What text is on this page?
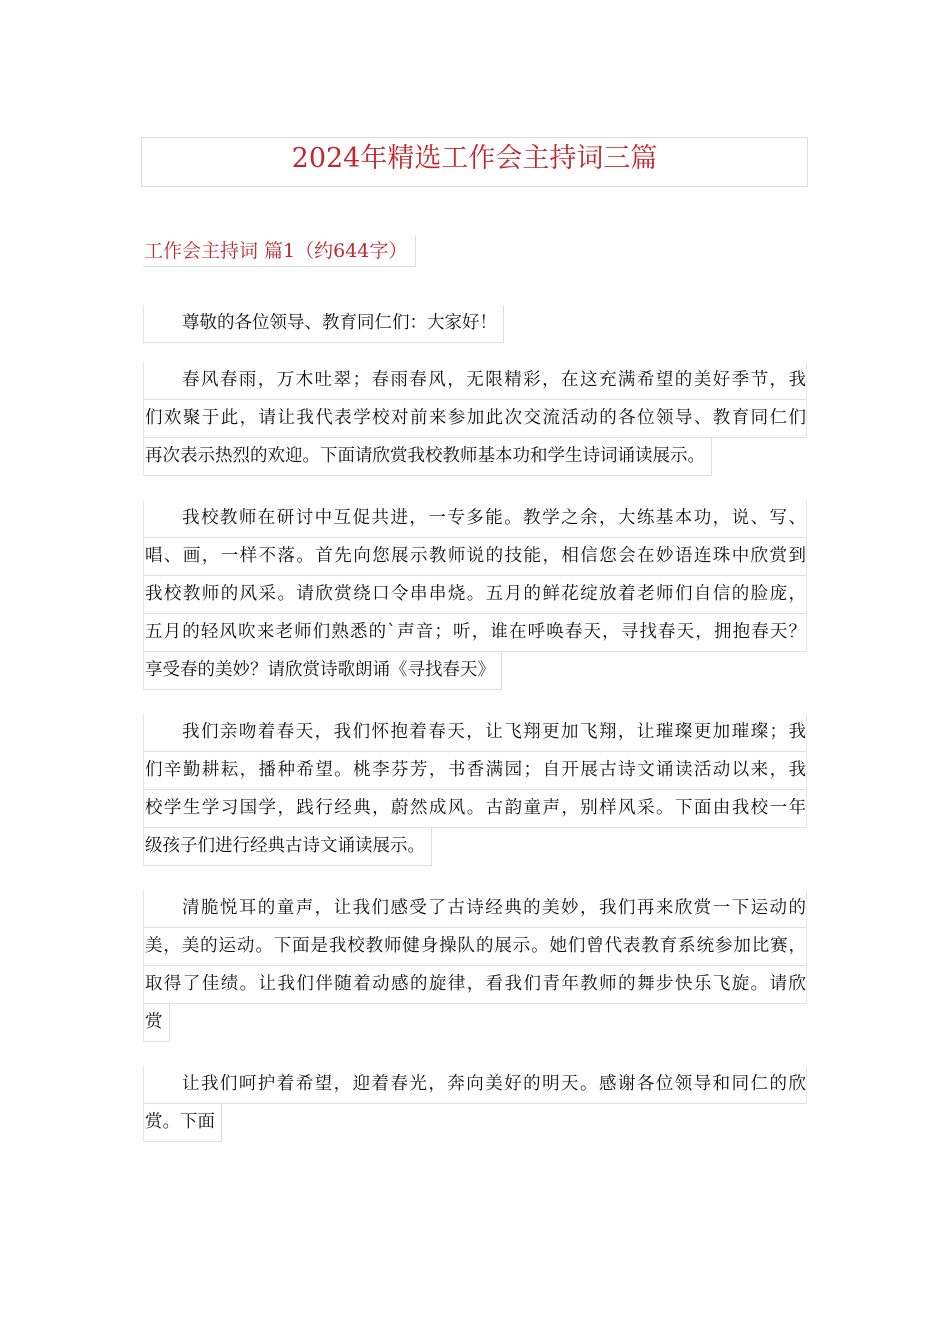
2024年精选工作会主持词三篇
工作会主持词 篇1（约644字）
尊敬的各位领导、教育同仁们：大家好！
春风春雨，万木吐翠；春雨春风，无限精彩，在这充满希望的美好季节，我
们欢聚于此，请让我代表学校对前来参加此次交流活动的各位领导、教育同仁们
再次表示热烈的欢迎。下面请欣赏我校教师基本功和学生诗词诵读展示。
我校教师在研讨中互促共进，一专多能。教学之余，大练基本功，说、写、
唱、画，一样不落。首先向您展示教师说的技能，相信您会在妙语连珠中欣赏到
我校教师的风采。请欣赏绕口令串串烧。五月的鲜花绽放着老师们自信的脸庞，
五月的轻风吹来老师们熟悉的`声音；听，谁在呼唤春天，寻找春天，拥抱春天？
享受春的美妙？请欣赏诗歌朗诵《寻找春天》
我们亲吻着春天，我们怀抱着春天，让飞翔更加飞翔，让璀璨更加璀璨；我
们辛勤耕耘，播种希望。桃李芬芳，书香满园；自开展古诗文诵读活动以来，我
校学生学习国学，践行经典，蔚然成风。古韵童声，别样风采。下面由我校一年
级孩子们进行经典古诗文诵读展示。
清脆悦耳的童声，让我们感受了古诗经典的美妙，我们再来欣赏一下运动的
美，美的运动。下面是我校教师健身操队的展示。她们曾代表教育系统参加比赛，
取得了佳绩。让我们伴随着动感的旋律，看我们青年教师的舞步快乐飞旋。请欣
赏
让我们呵护着希望，迎着春光，奔向美好的明天。感谢各位领导和同仁的欣
赏。下面
